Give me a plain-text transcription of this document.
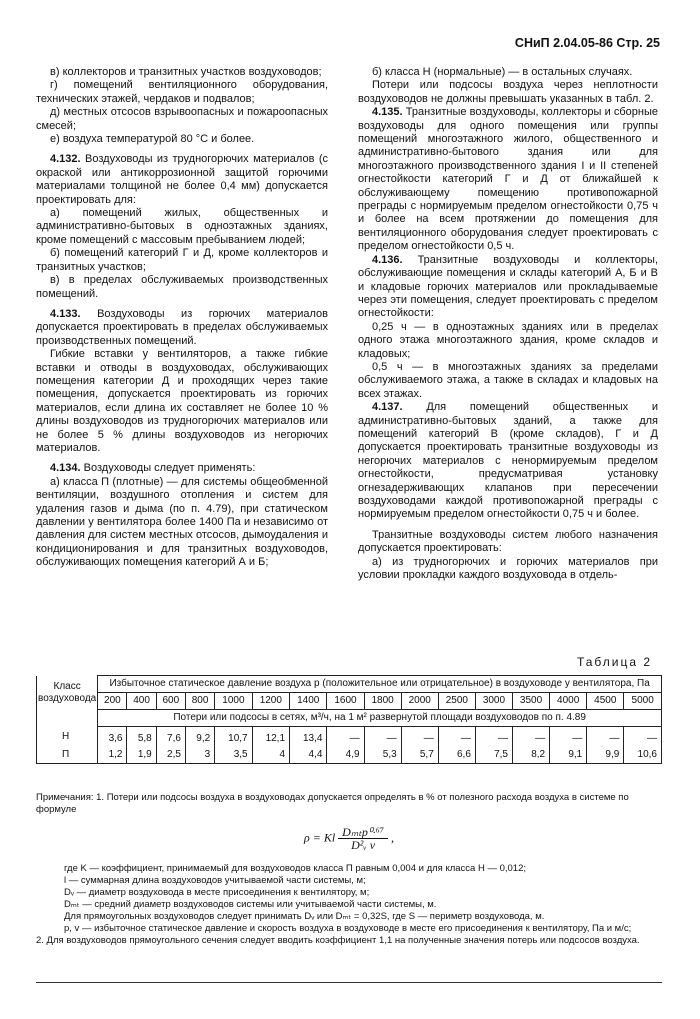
СНиП 2.04.05-86 Стр. 25

в) коллекторов и транзитных участков воздуховодов;

г) помещений вентиляционного оборудования, технических этажей, чердаков и подвалов;

д) местных отсосов взрывоопасных и пожароопасных смесей;

е) воздуха температурой 80 °С и более.

4.132. Воздуховоды из трудногорючих материалов (с окраской или антикоррозионной защитой горючими материалами толщиной не более 0,4 мм) допускается проектировать для:

а) помещений жилых, общественных и административно-бытовых в одноэтажных зданиях, кроме помещений с массовым пребыванием людей;

б) помещений категорий Г и Д, кроме коллекторов и транзитных участков;

в) в пределах обслуживаемых производственных помещений.

4.133. Воздуховоды из горючих материалов допускается проектировать в пределах обслуживаемых производственных помещений.

Гибкие вставки у вентиляторов, а также гибкие вставки и отводы в воздуховодах, обслуживающих помещения категории Д и проходящих через такие помещения, допускается проектировать из горючих материалов, если длина их составляет не более 10 % длины воздуховодов из трудногорючих материалов или не более 5 % длины воздуховодов из негорючих материалов.

4.134. Воздуховоды следует применять:

а) класса П (плотные) — для системы общеобменной вентиляции, воздушного отопления и систем для удаления газов и дыма (по п. 4.79), при статическом давлении у вентилятора более 1400 Па и независимо от давления для систем местных отсосов, дымоудаления и кондиционирования и для транзитных воздуховодов, обслуживающих помещения категорий А и Б;

б) класса Н (нормальные) — в остальных случаях.

Потери или подсосы воздуха через неплотности воздуховодов не должны превышать указанных в табл. 2.

4.135. Транзитные воздуховоды, коллекторы и сборные воздуховоды для одного помещения или группы помещений многоэтажного жилого, общественного и административно-бытового здания или для многоэтажного производственного здания I и II степеней огнестойкости категорий Г и Д от ближайшей к обслуживающему помещению противопожарной преграды с нормируемым пределом огнестойкости 0,75 ч и более на всем протяжении до помещения для вентиляционного оборудования следует проектировать с пределом огнестойкости 0,5 ч.

4.136. Транзитные воздуховоды и коллекторы, обслуживающие помещения и склады категорий А, Б и В и кладовые горючих материалов или прокладываемые через эти помещения, следует проектировать с пределом огнестойкости:

0,25 ч — в одноэтажных зданиях или в пределах одного этажа многоэтажного здания, кроме складов и кладовых;

0,5 ч — в многоэтажных зданиях за пределами обслуживаемого этажа, а также в складах и кладовых на всех этажах.

4.137. Для помещений общественных и административно-бытовых зданий, а также для помещений категорий В (кроме складов), Г и Д допускается проектировать транзитные воздуховоды из негорючих материалов с ненормируемым пределом огнестойкости, предусматривая установку огнезадерживающих клапанов при пересечении воздуховодами каждой противопожарной преграды с нормируемым пределом огнестойкости 0,75 ч и более.

Транзитные воздуховоды систем любого назначения допускается проектировать:

а) из трудногорючих и горючих материалов при условии прокладки каждого воздуховода в отдель-

Таблица 2
Класс воздуховода	Избыточное статическое давление воздуха p (положительное или отрицательное) в воздуховоде у вентилятора, Па															
	200	400	600	800	1000	1200	1400	1600	1800	2000	2500	3000	3500	4000	4500	5000
	Потери или подсосы в сетях, м³/ч, на 1 м² развернутой площади воздуховодов по п. 4.89															
Н	3,6	5,8	7,6	9,2	10,7	12,1	13,4	—	—	—	—	—	—	—	—	—
П	1,2	1,9	2,5	3	3,5	4	4,4	4,9	5,3	5,7	6,6	7,5	8,2	9,1	9,9	10,6

Примечания: 1. Потери или подсосы воздуха в воздуховодах допускается определять в % от полезного расхода воздуха в системе по формуле

ρ = Kl $\frac{\text{Dₘₜp⁰·⁶⁷}}{\text{D²ᵥ v}}$ ,

где K — коэффициент, принимаемый для воздуховодов класса П равным 0,004 и для класса Н — 0,012;

l — суммарная длина воздуховодов учитываемой части системы, м;

Dᵥ — диаметр воздуховода в месте присоединения к вентилятору, м;

Dₘₜ — средний диаметр воздуховодов системы или учитываемой части системы, м.

Для прямоугольных воздуховодов следует принимать Dᵥ или Dₘₜ = 0,32S, где S — периметр воздуховода, м.

p, v — избыточное статическое давление и скорость воздуха в воздуховоде в месте его присоединения к вентилятору, Па и м/с;

2. Для воздуховодов прямоугольного сечения следует вводить коэффициент 1,1 на полученные значения потерь или подсосов воздуха.
